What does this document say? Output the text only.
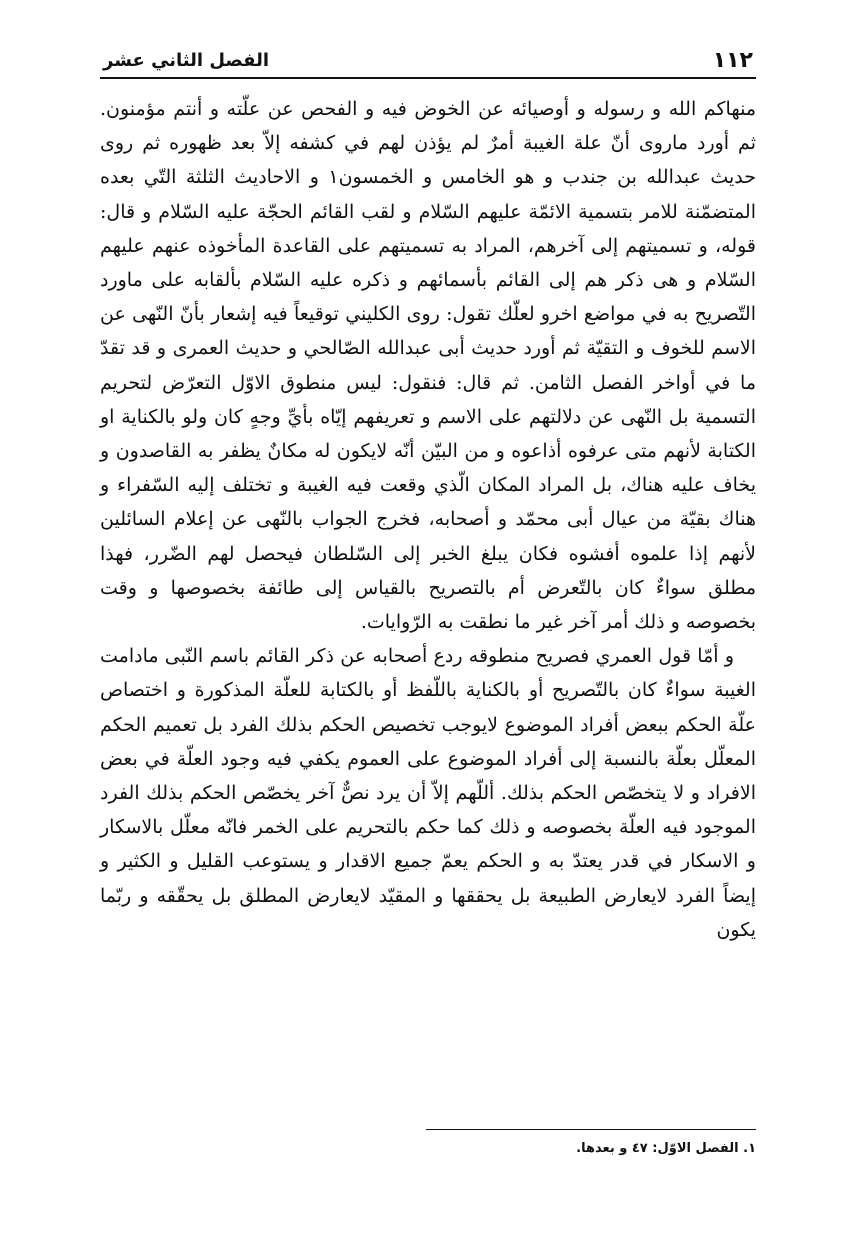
١١٢
الفصل الثاني عشر

منهاكم الله و رسوله و أوصيائه عن الخوض فيه و الفحص عن علّته و أنتم مؤمنون. ثم أورد ماروى أنّ علة الغيبة أمرٌ لم يؤذن لهم في كشفه إلاّ بعد ظهوره ثم روى حديث عبدالله بن جندب و هو الخامس و الخمسون١ و الاحاديث الثلثة التّي بعده المتضمّنة للامر بتسمية الائمّة عليهم السّلام و لقب القائم الحجّة عليه السّلام و قال: قوله، و تسميتهم إلى آخرهم، المراد به تسميتهم على القاعدة المأخوذه عنهم عليهم السّلام و هى ذكر هم إلى القائم بأسمائهم و ذكره عليه السّلام بألقابه على ماورد التّصريح به في مواضع اخرو لعلّك تقول: روى الكليني توقيعاً فيه إشعار بأنّ النّهى عن الاسم للخوف و التقيّة ثم أورد حديث أبى عبدالله الصّالحي و حديث العمرى و قد تقدّ ما في أواخر الفصل الثامن. ثم قال: فنقول: ليس منطوق الاوّل التعرّض لتحريم التسمية بل النّهى عن دلالتهم على الاسم و تعريفهم إيّاه بأيِّ وجهٍ كان ولو بالكناية او الكتابة لأنهم متى عرفوه أذاعوه و من البيّن أنّه لايكون له مكانٌ يظفر به القاصدون و يخاف عليه هناك، بل المراد المكان الّذي وقعت فيه الغيبة و تختلف إليه السّفراء و هناك بقيّة من عيال أبى محمّد و أصحابه، فخرج الجواب بالنّهى عن إعلام السائلين لأنهم إذا علموه أفشوه فكان يبلغ الخبر إلى السّلطان فيحصل لهم الضّرر، فهذا مطلق سواءٌ كان بالتّعرض أم بالتصريح بالقياس إلى طائفة بخصوصها و وقت بخصوصه و ذلك أمر آخر غير ما نطقت به الرّوايات.

و أمّا قول العمري فصريح منطوقه ردع أصحابه عن ذكر القائم باسم النّبى مادامت الغيبة سواءٌ كان بالتّصريح أو بالكناية باللّفظ أو بالكتابة للعلّة المذكورة و اختصاص علّة الحكم ببعض أفراد الموضوع لايوجب تخصيص الحكم بذلك الفرد بل تعميم الحكم المعلّل بعلّة بالنسبة إلى أفراد الموضوع على العموم يكفي فيه وجود العلّة في بعض الافراد و لا يتخصّص الحكم بذلك. أللّهم إلاّ أن يرد نصٌّ آخر يخصّص الحكم بذلك الفرد الموجود فيه العلّة بخصوصه و ذلك كما حكم بالتحريم على الخمر فانّه معلّل بالاسكار و الاسكار في قدر يعتدّ به و الحكم يعمّ جميع الاقدار و يستوعب القليل و الكثير و إيضاً الفرد لايعارض الطبيعة بل يحققها و المقيّد لايعارض المطلق بل يحقّقه و ربّما يكون

١. الفصل الاوّل: ٤٧ و بعدها.
